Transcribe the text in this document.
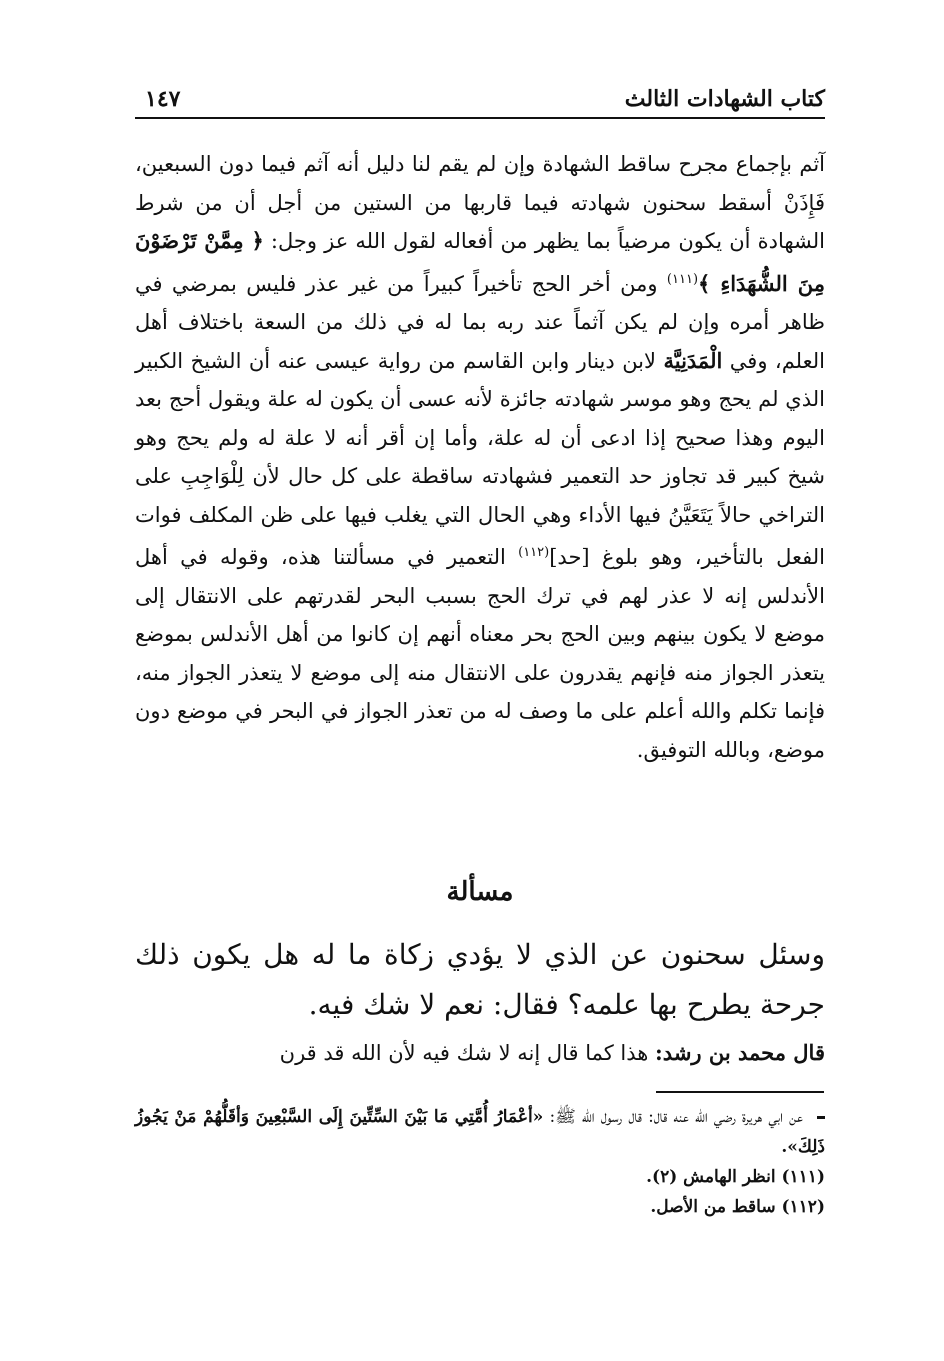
كتاب الشهادات الثالث
١٤٧

آثم بإجماع مجرح ساقط الشهادة وإن لم يقم لنا دليل أنه آثم فيما دون السبعين، فَإِذَنْ أسقط سحنون شهادته فيما قاربها من الستين من أجل أن من شرط الشهادة أن يكون مرضياً بما يظهر من أفعاله لقول الله عز وجل: ﴿ مِمَّنْ تَرْضَوْنَ مِنَ الشُّهَدَاءِ ﴾$^{(١١١)}$ ومن أخر الحج تأخيراً كبيراً من غير عذر فليس بمرضي في ظاهر أمره وإن لم يكن آثماً عند ربه بما له في ذلك من السعة باختلاف أهل العلم، وفي الْمَدَنِيَّة لابن دينار وابن القاسم من رواية عيسى عنه أن الشيخ الكبير الذي لم يحج وهو موسر شهادته جائزة لأنه عسى أن يكون له علة ويقول أحج بعد اليوم وهذا صحيح إذا ادعى أن له علة، وأما إن أقر أنه لا علة له ولم يحج وهو شيخ كبير قد تجاوز حد التعمير فشهادته ساقطة على كل حال لأن لِلْوَاجِبِ على التراخي حالاً يَتَعَيَّنُ فيها الأداء وهي الحال التي يغلب فيها على ظن المكلف فوات الفعل بالتأخير، وهو بلوغ [حد]$^{(١١٢)}$ التعمير في مسألتنا هذه، وقوله في أهل الأندلس إنه لا عذر لهم في ترك الحج بسبب البحر لقدرتهم على الانتقال إلى موضع لا يكون بينهم وبين الحج بحر معناه أنهم إن كانوا من أهل الأندلس بموضع يتعذر الجواز منه فإنهم يقدرون على الانتقال منه إلى موضع لا يتعذر الجواز منه، فإنما تكلم والله أعلم على ما وصف له من تعذر الجواز في البحر في موضع دون موضع، وبالله التوفيق.

مسألة

وسئل سحنون عن الذي لا يؤدي زكاة ما له هل يكون ذلك جرحة يطرح بها علمه؟ فقال: نعم لا شك فيه.

قال محمد بن رشد: هذا كما قال إنه لا شك فيه لأن الله قد قرن

عن ابي هريرة رضي الله عنه قال: قال رسول الله ﷺ: «أعْمَارُ أُمَّتِي مَا بَيْنَ السِّتِّينَ إِلَى السَّبْعِينَ وَأقَلُّهُمْ مَنْ يَجُوزُ ذَلِكَ».

(١١١) انظر الهامش (٢).

(١١٢) ساقط من الأصل.
